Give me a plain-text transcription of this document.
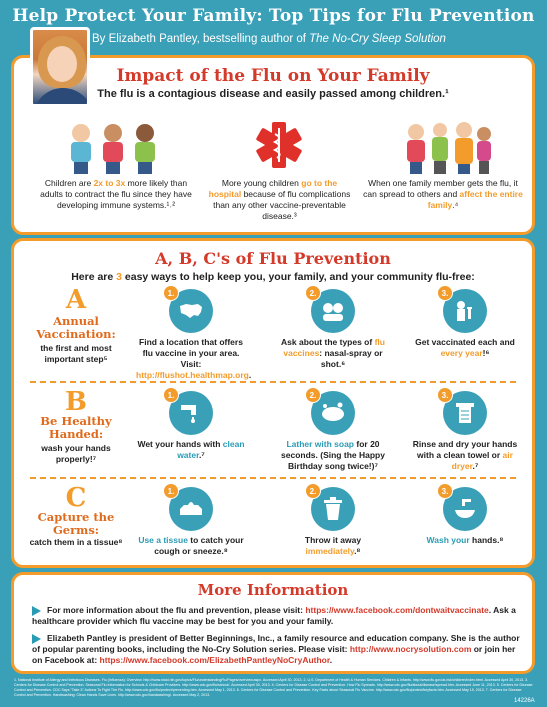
Help Protect Your Family: Top Tips for Flu Prevention
By Elizabeth Pantley, bestselling author of The No-Cry Sleep Solution
Impact of the Flu on Your Family
The flu is a contagious disease and easily passed among children.¹
Children are 2x to 3x more likely than adults to contract the flu since they have developing immune systems.¹˒²
More young children go to the hospital because of flu complications than any other vaccine-preventable disease.³
When one family member gets the flu, it can spread to others and affect the entire family.⁴
A, B, C's of Flu Prevention
Here are 3 easy ways to help keep you, your family, and your community flu-free:
A
Annual Vaccination:
the first and most important step⁵
1.
Find a location that offers flu vaccine in your area. Visit: http://flushot.healthmap.org.
2.
Ask about the types of flu vaccines: nasal-spray or shot.⁶
3.
Get vaccinated each and every year!⁶
B
Be Healthy Handed:
wash your hands properly!⁷
1.
Wet your hands with clean water.⁷
2.
Lather with soap for 20 seconds. (Sing the Happy Birthday song twice!)⁷
3.
Rinse and dry your hands with a clean towel or air dryer.⁷
C
Capture the Germs:
catch them in a tissue⁸
1.
Use a tissue to catch your cough or sneeze.⁸
2.
Throw it away immediately.⁸
3.
Wash your hands.⁸
More Information
For more information about the flu and prevention, please visit: https://www.facebook.com/dontwaitvaccinate. Ask a healthcare provider which flu vaccine may be best for you and your family.
Elizabeth Pantley is president of Better Beginnings, Inc., a family resource and education company. She is the author of popular parenting books, including the No-Cry Solution series. Please visit: http://www.nocrysolution.com or join her on Facebook at: https://www.facebook.com/ElizabethPantleyNoCryAuthor.
1. National Institute of Allergy and Infectious Diseases. Flu (Influenza): Overview. http://www.niaid.nih.gov/topics/Flu/understandingFlu/Pages/overview.aspx. Accessed April 30, 2013. 2. U.S. Department of Health & Human Services. Children & Infants. http://www.flu.gov/at-risk/children/index.html. Accessed April 30, 2013. 3. Centers for Disease Control and Prevention. Seasonal Flu Information for Schools & Childcare Providers. http://www.cdc.gov/flu/school/. Accessed April 30, 2013. 4. Centers for Disease Control and Prevention. How Flu Spreads. http://www.cdc.gov/flu/about/disease/spread.htm. Accessed June 11, 2013. 5. Centers for Disease Control and Prevention. CDC Says "Take 3" Actions To Fight The Flu. http://www.cdc.gov/flu/protect/preventing.htm. Accessed May 1, 2013. 6. Centers for Disease Control and Prevention. Key Facts about Seasonal Flu Vaccine. http://www.cdc.gov/flu/protect/keyfacts.htm. Accessed May 15, 2013. 7. Centers for Disease Control and Prevention. Handwashing: Clean Hands Save Lives. http://www.cdc.gov/handwashing/. Accessed May 2, 2013.
14226A
